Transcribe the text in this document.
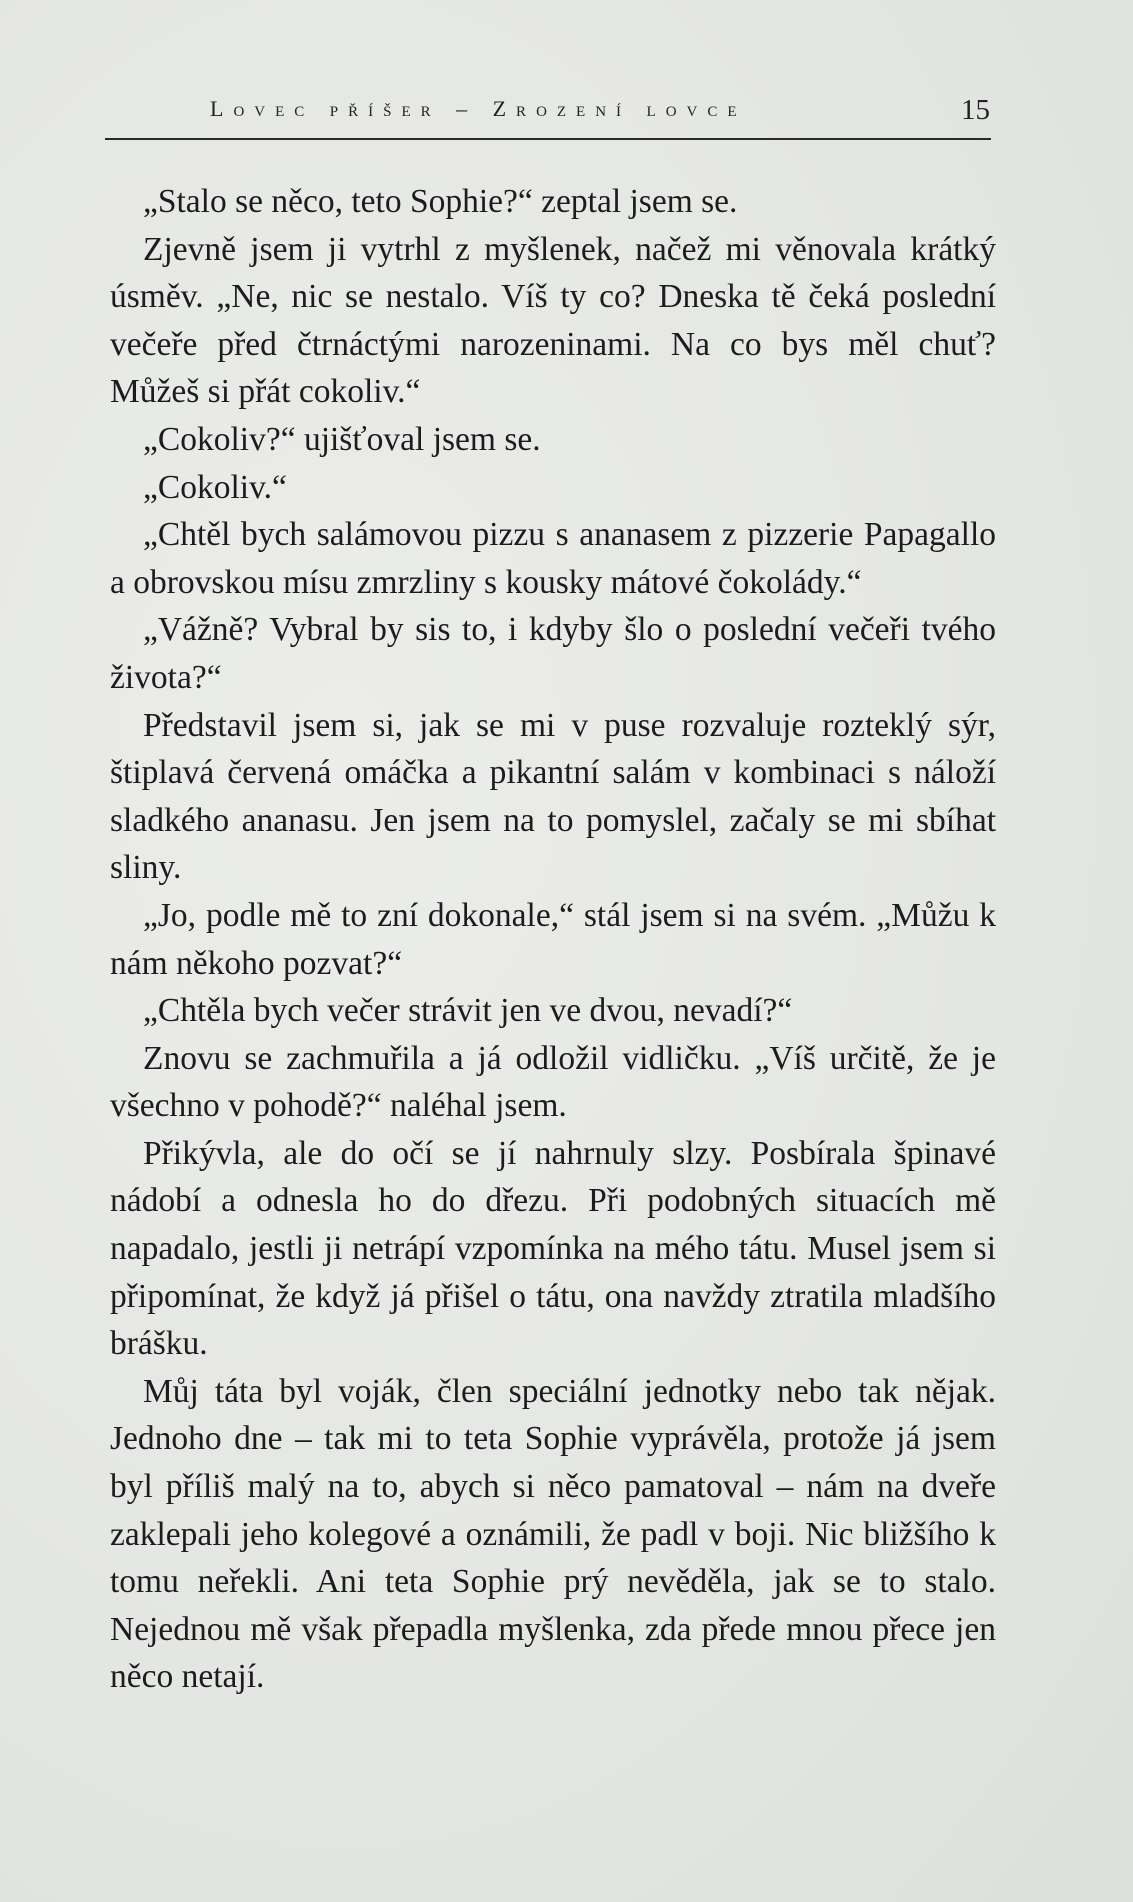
Lovec příšer – Zrození lovce	15

„Stalo se něco, teto Sophie?“ zeptal jsem se.

Zjevně jsem ji vytrhl z myšlenek, načež mi věnovala krátký úsměv. „Ne, nic se nestalo. Víš ty co? Dneska tě čeká poslední večeře před čtrnáctými narozeninami. Na co bys měl chuť? Můžeš si přát cokoliv.“

„Cokoliv?“ ujišťoval jsem se.

„Cokoliv.“

„Chtěl bych salámovou pizzu s ananasem z pizzerie Papagallo a obrovskou mísu zmrzliny s kousky mátové čokolády.“

„Vážně? Vybral by sis to, i kdyby šlo o poslední večeři tvého života?“

Představil jsem si, jak se mi v puse rozvaluje rozteklý sýr, štiplavá červená omáčka a pikantní salám v kombinaci s náloží sladkého ananasu. Jen jsem na to pomyslel, začaly se mi sbíhat sliny.

„Jo, podle mě to zní dokonale,“ stál jsem si na svém. „Můžu k nám někoho pozvat?“

„Chtěla bych večer strávit jen ve dvou, nevadí?“

Znovu se zachmuřila a já odložil vidličku. „Víš určitě, že je všechno v pohodě?“ naléhal jsem.

Přikývla, ale do očí se jí nahrnuly slzy. Posbírala špinavé nádobí a odnesla ho do dřezu. Při podobných situacích mě napadalo, jestli ji netrápí vzpomínka na mého tátu. Musel jsem si připomínat, že když já přišel o tátu, ona navždy ztratila mladšího brášku.

Můj táta byl voják, člen speciální jednotky nebo tak nějak. Jednoho dne – tak mi to teta Sophie vyprávěla, protože já jsem byl příliš malý na to, abych si něco pamatoval – nám na dveře zaklepali jeho kolegové a oznámili, že padl v boji. Nic bližšího k tomu neřekli. Ani teta Sophie prý nevěděla, jak se to stalo. Nejednou mě však přepadla myšlenka, zda přede mnou přece jen něco netají.
